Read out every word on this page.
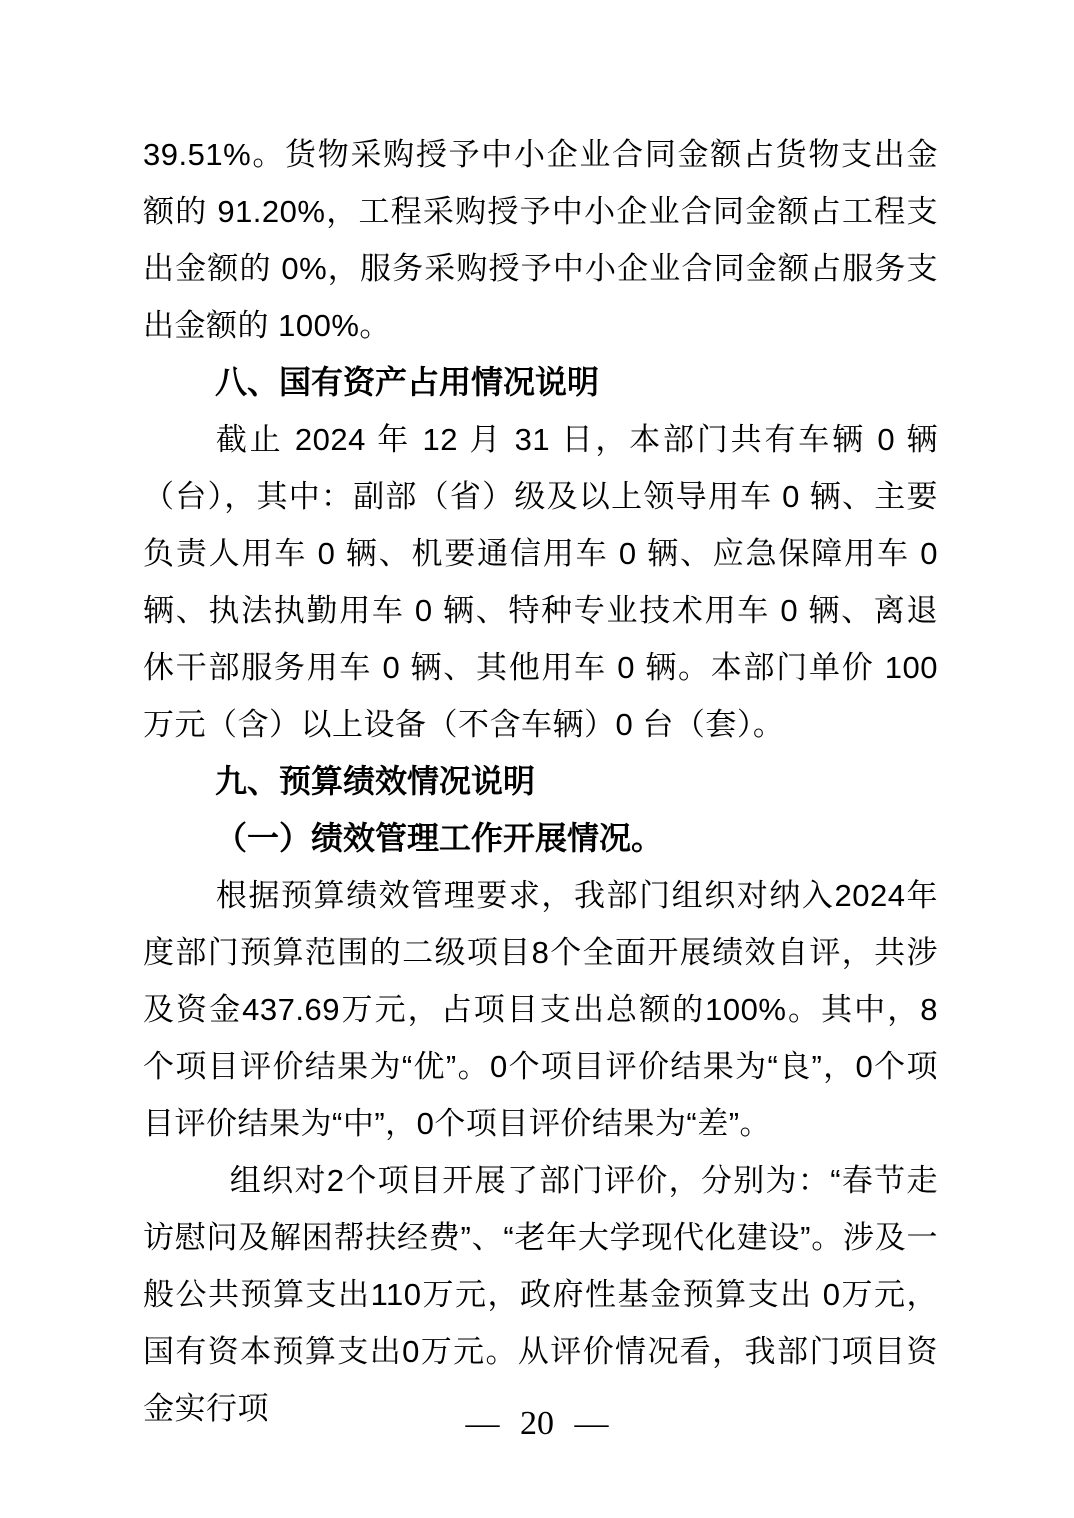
39.51%。货物采购授予中小企业合同金额占货物支出金额的 91.20%，工程采购授予中小企业合同金额占工程支出金额的 0%，服务采购授予中小企业合同金额占服务支出金额的 100%。

八、国有资产占用情况说明

截止 2024 年 12 月 31 日，本部门共有车辆 0 辆（台），其中：副部（省）级及以上领导用车 0 辆、主要负责人用车 0 辆、机要通信用车 0 辆、应急保障用车 0 辆、执法执勤用车 0 辆、特种专业技术用车 0 辆、离退休干部服务用车 0 辆、其他用车 0 辆。本部门单价 100 万元（含）以上设备（不含车辆）0 台（套）。

九、预算绩效情况说明
（一）绩效管理工作开展情况。

根据预算绩效管理要求，我部门组织对纳入2024年度部门预算范围的二级项目8个全面开展绩效自评，共涉及资金437.69万元，占项目支出总额的100%。其中，8个项目评价结果为“优”。0个项目评价结果为“良”，0个项目评价结果为“中”，0个项目评价结果为“差”。

组织对2个项目开展了部门评价，分别为：“春节走访慰问及解困帮扶经费”、“老年大学现代化建设”。涉及一般公共预算支出110万元，政府性基金预算支出 0万元，国有资本预算支出0万元。从评价情况看，我部门项目资金实行项	— 20 —
